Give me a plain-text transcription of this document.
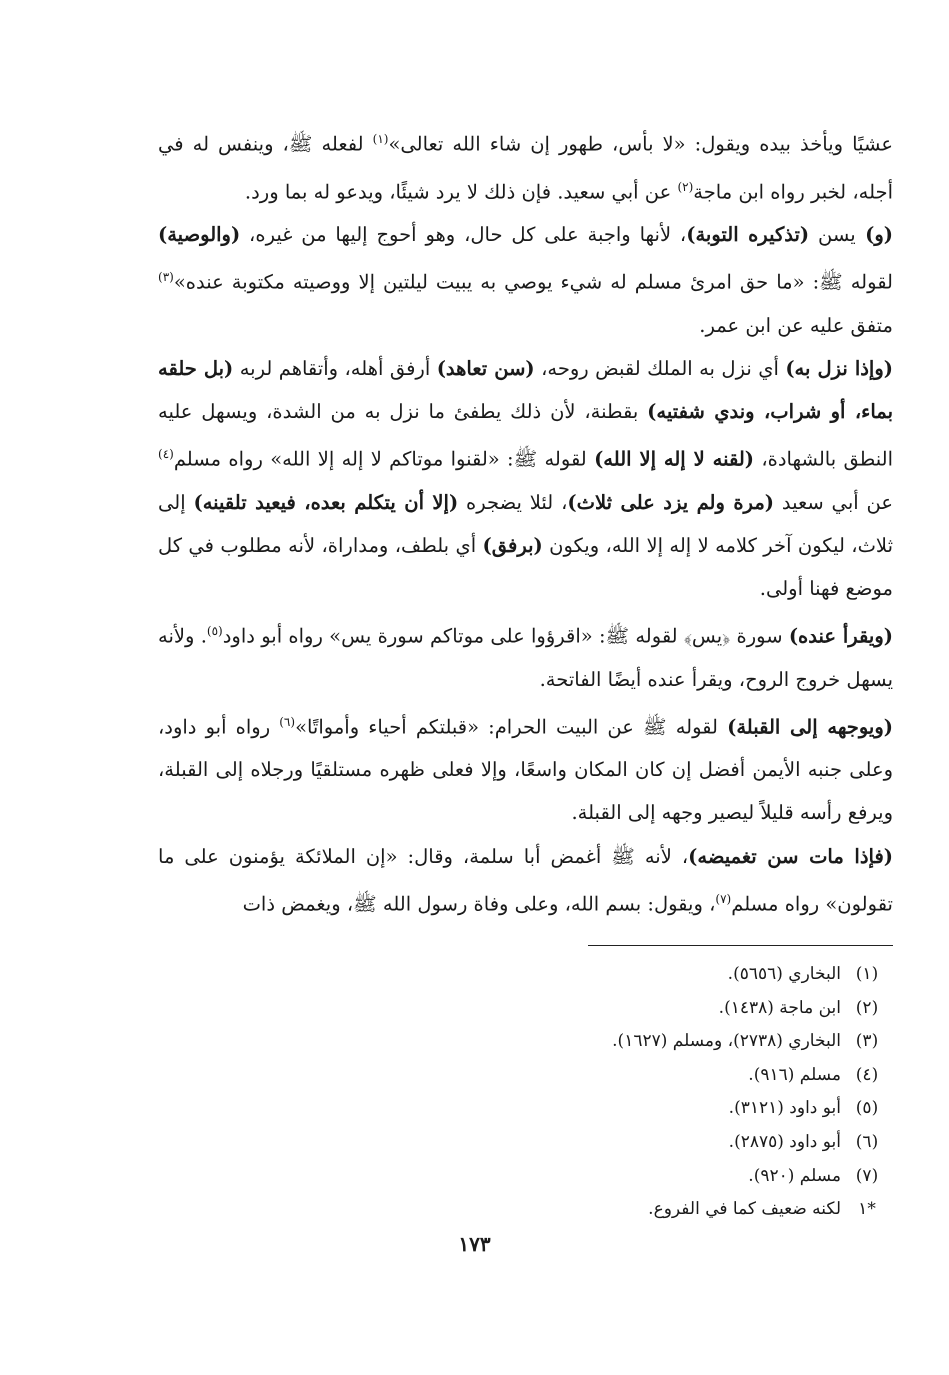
عشيًا ويأخذ بيده ويقول: «لا بأس، طهور إن شاء الله تعالى»$^{(١)}$ لفعله ﷺ، وينفس له في أجله، لخبر رواه ابن ماجة$^{(٢)}$ عن أبي سعيد. فإن ذلك لا يرد شيئًا، ويدعو له بما ورد.

(و) يسن (تذكيره التوبة)، لأنها واجبة على كل حال، وهو أحوج إليها من غيره، (والوصية) لقوله ﷺ: «ما حق امرئ مسلم له شيء يوصي به يبيت ليلتين إلا ووصيته مكتوبة عنده»$^{(٣)}$ متفق عليه عن ابن عمر.

(وإذا نزل به) أي نزل به الملك لقبض روحه، (سن تعاهد) أرفق أهله، وأتقاهم لربه (بل حلقه بماء، أو شراب، وندي شفتيه) بقطنة، لأن ذلك يطفئ ما نزل به من الشدة، ويسهل عليه النطق بالشهادة، (لقنه لا إله إلا الله) لقوله ﷺ: «لقنوا موتاكم لا إله إلا الله» رواه مسلم$^{(٤)}$ عن أبي سعيد (مرة ولم يزد على ثلاث)، لئلا يضجره (إلا أن يتكلم بعده، فيعيد تلقينه) إلى ثلاث، ليكون آخر كلامه لا إله إلا الله، ويكون (برفق) أي بلطف، ومداراة، لأنه مطلوب في كل موضع فهنا أولى.

(ويقرأ عنده) سورة ﴿يس﴾ لقوله ﷺ: «اقرؤوا على موتاكم سورة يس» رواه أبو داود$^{(٥)}$. ولأنه يسهل خروج الروح، ويقرأ عنده أيضًا الفاتحة.

(ويوجهه إلى القبلة) لقوله ﷺ عن البيت الحرام: «قبلتكم أحياء وأمواتًا»$^{(٦)}$ رواه أبو داود، وعلى جنبه الأيمن أفضل إن كان المكان واسعًا، وإلا فعلى ظهره مستلقيًا ورجلاه إلى القبلة، ويرفع رأسه قليلاً ليصير وجهه إلى القبلة.

(فإذا مات سن تغميضه)، لأنه ﷺ أغمض أبا سلمة، وقال: «إن الملائكة يؤمنون على ما تقولون» رواه مسلم$^{(٧)}$، ويقول: بسم الله، وعلى وفاة رسول الله ﷺ، ويغمض ذات

(١)
البخاري (٥٦٥٦).
(٢)
ابن ماجة (١٤٣٨).
(٣)
البخاري (٢٧٣٨)، ومسلم (١٦٢٧).
(٤)
مسلم (٩١٦).
(٥)
أبو داود (٣١٢١).
(٦)
أبو داود (٢٨٧٥).
(٧)
مسلم (٩٢٠).
*١
لكنه ضعيف كما في الفروع.
١٧٣
